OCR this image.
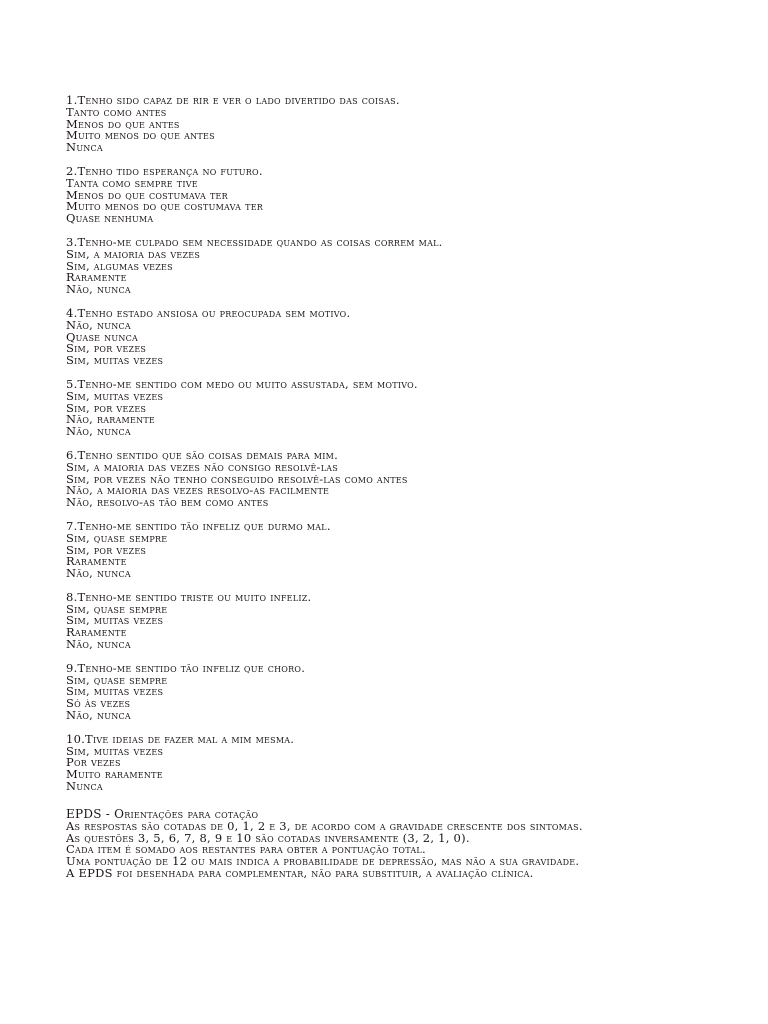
1.Tenho sido capaz de rir e ver o lado divertido das coisas.
Tanto como antes
Menos do que antes
Muito menos do que antes
Nunca
2.Tenho tido esperança no futuro.
Tanta como sempre tive
Menos do que costumava ter
Muito menos do que costumava ter
Quase nenhuma
3.Tenho-me culpado sem necessidade quando as coisas correm mal.
Sim, a maioria das vezes
Sim, algumas vezes
Raramente
Não, nunca
4.Tenho estado ansiosa ou preocupada sem motivo.
Não, nunca
Quase nunca
Sim, por vezes
Sim, muitas vezes
5.Tenho-me sentido com medo ou muito assustada, sem motivo.
Sim, muitas vezes
Sim, por vezes
Não, raramente
Não, nunca
6.Tenho sentido que são coisas demais para mim.
Sim, a maioria das vezes não consigo resolvê-las
Sim, por vezes não tenho conseguido resolvê-las como antes
Não, a maioria das vezes resolvo-as facilmente
Não, resolvo-as tão bem como antes
7.Tenho-me sentido tão infeliz que durmo mal.
Sim, quase sempre
Sim, por vezes
Raramente
Não, nunca
8.Tenho-me sentido triste ou muito infeliz.
Sim, quase sempre
Sim, muitas vezes
Raramente
Não, nunca
9.Tenho-me sentido tão infeliz que choro.
Sim, quase sempre
Sim, muitas vezes
Só às vezes
Não, nunca
10.Tive ideias de fazer mal a mim mesma.
Sim, muitas vezes
Por vezes
Muito raramente
Nunca
EPDS - Orientações para cotação
As respostas são cotadas de 0, 1, 2 e 3, de acordo com a gravidade crescente dos sintomas.
As questões 3, 5, 6, 7, 8, 9 e 10 são cotadas inversamente (3, 2, 1, 0).
Cada item é somado aos restantes para obter a pontuação total.
Uma pontuação de 12 ou mais indica a probabilidade de depressão, mas não a sua gravidade.
A EPDS foi desenhada para complementar, não para substituir, a avaliação clínica.
